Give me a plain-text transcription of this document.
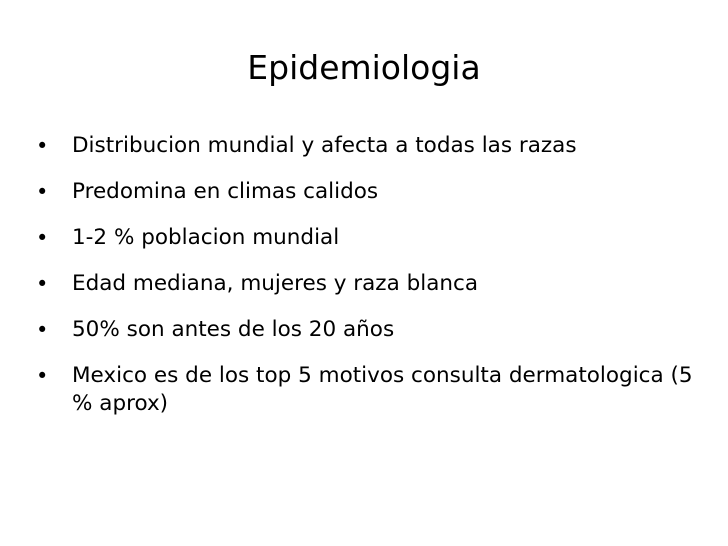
Epidemiologia
•	Distribucion mundial y afecta a todas las razas
•	Predomina en climas calidos
•	1-2 % poblacion mundial
•	Edad mediana, mujeres y raza blanca
•	50% son antes de los 20 años
•	Mexico es de los top 5 motivos consulta dermatologica (5 % aprox)
